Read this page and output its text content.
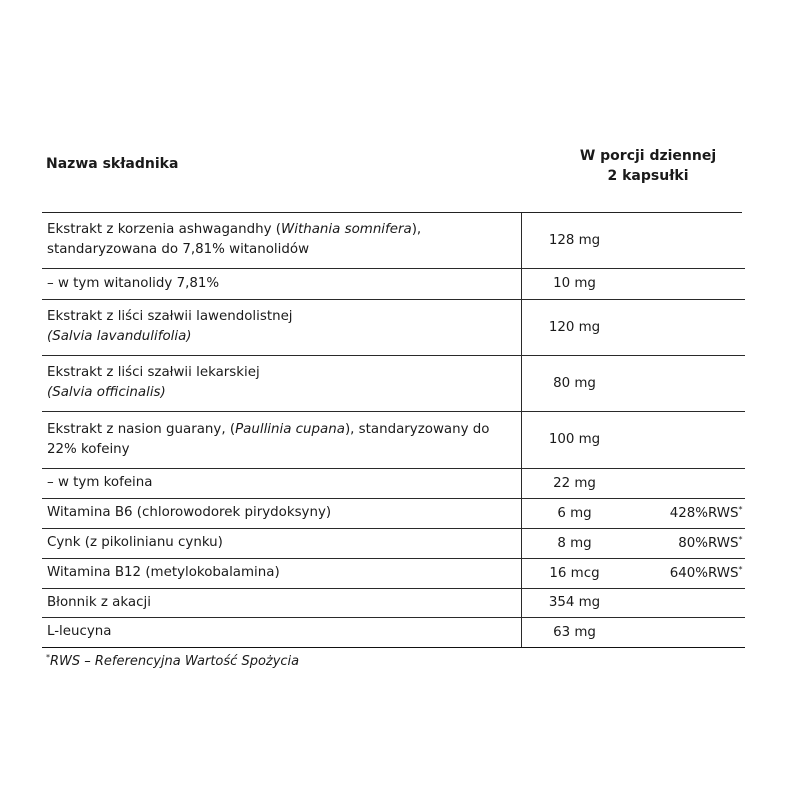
Nazwa składnika	W porcji dziennej
2 kapsułki
Ekstrakt z korzenia ashwagandhy (Withania somnifera),
standaryzowana do 7,81% witanolidów	128 mg	
– w tym witanolidy 7,81%	10 mg	
Ekstrakt z liści szałwii lawendolistnej
(Salvia lavandulifolia)	120 mg	
Ekstrakt z liści szałwii lekarskiej
(Salvia officinalis)	80 mg	
Ekstrakt z nasion guarany, (Paullinia cupana), standaryzowany do
22% kofeiny	100 mg	
– w tym kofeina	22 mg	
Witamina B6 (chlorowodorek pirydoksyny)	6 mg	428%RWS*
Cynk (z pikolinianu cynku)	8 mg	80%RWS*
Witamina B12 (metylokobalamina)	16 mcg	640%RWS*
Błonnik z akacji	354 mg	
L-leucyna	63 mg	
*RWS – Referencyjna Wartość Spożycia
